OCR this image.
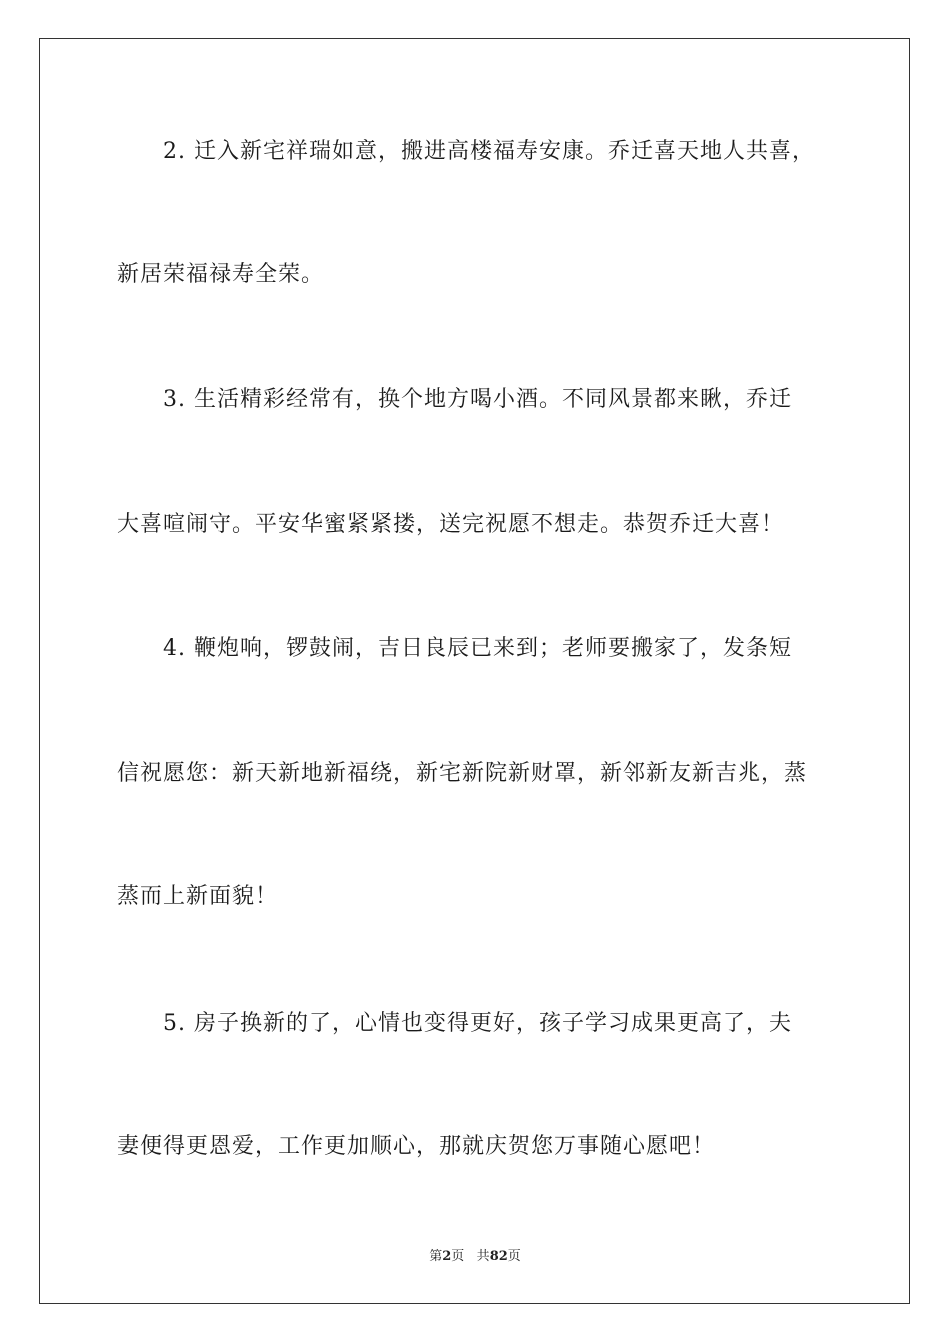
2. 迁入新宅祥瑞如意，搬进高楼福寿安康。乔迁喜天地人共喜，
新居荣福禄寿全荣。
3. 生活精彩经常有，换个地方喝小酒。不同风景都来瞅，乔迁
大喜喧闹守。平安华蜜紧紧搂，送完祝愿不想走。恭贺乔迁大喜！
4. 鞭炮响，锣鼓闹，吉日良辰已来到；老师要搬家了，发条短
信祝愿您：新天新地新福绕，新宅新院新财罩，新邻新友新吉兆，蒸
蒸而上新面貌！
5. 房子换新的了，心情也变得更好，孩子学习成果更高了，夫
妻便得更恩爱，工作更加顺心，那就庆贺您万事随心愿吧！
第2页 共82页
